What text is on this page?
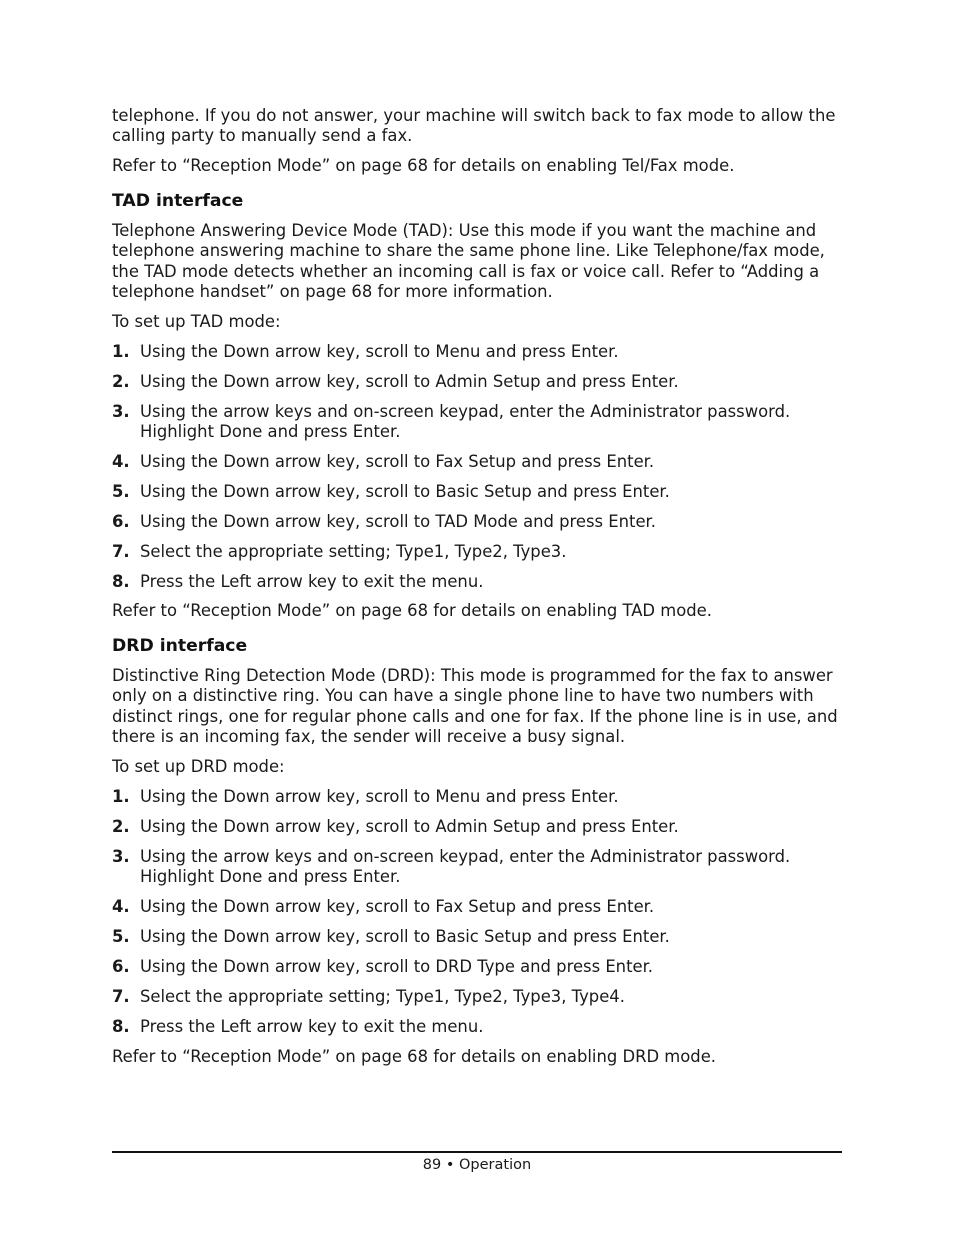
telephone. If you do not answer, your machine will switch back to fax mode to allow the calling party to manually send a fax.

Refer to “Reception Mode” on page 68 for details on enabling Tel/Fax mode.

TAD interface

Telephone Answering Device Mode (TAD): Use this mode if you want the machine and telephone answering machine to share the same phone line. Like Telephone/fax mode, the TAD mode detects whether an incoming call is fax or voice call. Refer to “Adding a telephone handset” on page 68 for more information.

To set up TAD mode:

1. Using the Down arrow key, scroll to Menu and press Enter.
2. Using the Down arrow key, scroll to Admin Setup and press Enter.
3. Using the arrow keys and on-screen keypad, enter the Administrator password. Highlight Done and press Enter.
4. Using the Down arrow key, scroll to Fax Setup and press Enter.
5. Using the Down arrow key, scroll to Basic Setup and press Enter.
6. Using the Down arrow key, scroll to TAD Mode and press Enter.
7. Select the appropriate setting; Type1, Type2, Type3.
8. Press the Left arrow key to exit the menu.

Refer to “Reception Mode” on page 68 for details on enabling TAD mode.

DRD interface

Distinctive Ring Detection Mode (DRD): This mode is programmed for the fax to answer only on a distinctive ring. You can have a single phone line to have two numbers with distinct rings, one for regular phone calls and one for fax. If the phone line is in use, and there is an incoming fax, the sender will receive a busy signal.

To set up DRD mode:

1. Using the Down arrow key, scroll to Menu and press Enter.
2. Using the Down arrow key, scroll to Admin Setup and press Enter.
3. Using the arrow keys and on-screen keypad, enter the Administrator password. Highlight Done and press Enter.
4. Using the Down arrow key, scroll to Fax Setup and press Enter.
5. Using the Down arrow key, scroll to Basic Setup and press Enter.
6. Using the Down arrow key, scroll to DRD Type and press Enter.
7. Select the appropriate setting; Type1, Type2, Type3, Type4.
8. Press the Left arrow key to exit the menu.

Refer to “Reception Mode” on page 68 for details on enabling DRD mode.

89 • Operation
